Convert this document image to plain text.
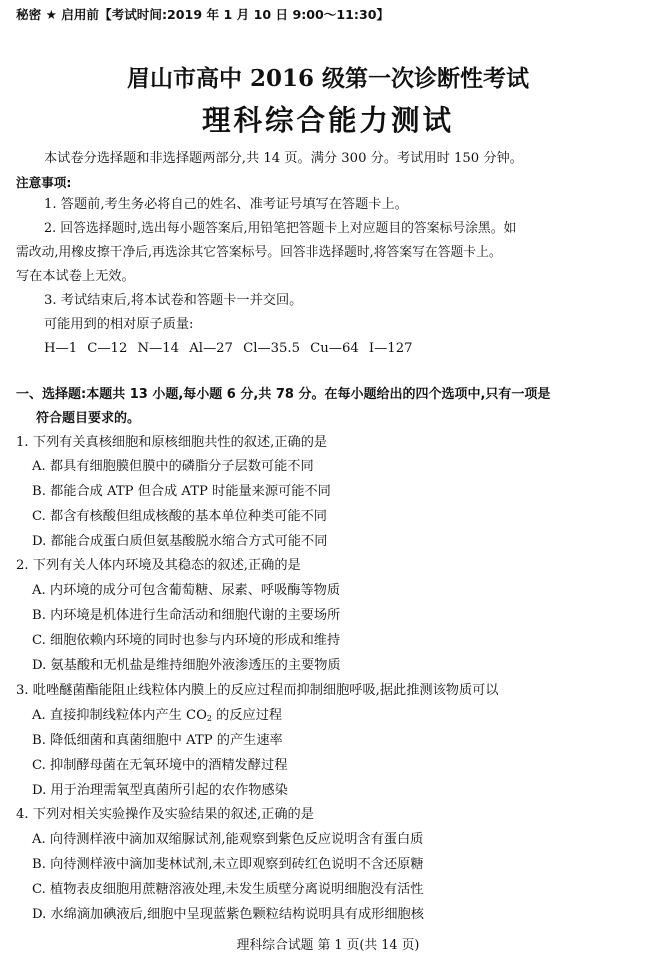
秘密 ★ 启用前【考试时间:2019 年 1 月 10 日 9:00～11:30】
眉山市高中 2016 级第一次诊断性考试
理科综合能力测试
本试卷分选择题和非选择题两部分,共 14 页。满分 300 分。考试用时 150 分钟。
注意事项:
1. 答题前,考生务必将自己的姓名、准考证号填写在答题卡上。
2. 回答选择题时,选出每小题答案后,用铅笔把答题卡上对应题目的答案标号涂黑。如
需改动,用橡皮擦干净后,再选涂其它答案标号。回答非选择题时,将答案写在答题卡上。
写在本试卷上无效。
3. 考试结束后,将本试卷和答题卡一并交回。
可能用到的相对原子质量:
H—1 C—12 N—14 Al—27 Cl—35.5 Cu—64 I—127
一、选择题:本题共 13 小题,每小题 6 分,共 78 分。在每小题给出的四个选项中,只有一项是
符合题目要求的。
1. 下列有关真核细胞和原核细胞共性的叙述,正确的是
A. 都具有细胞膜但膜中的磷脂分子层数可能不同
B. 都能合成 ATP 但合成 ATP 时能量来源可能不同
C. 都含有核酸但组成核酸的基本单位种类可能不同
D. 都能合成蛋白质但氨基酸脱水缩合方式可能不同
2. 下列有关人体内环境及其稳态的叙述,正确的是
A. 内环境的成分可包含葡萄糖、尿素、呼吸酶等物质
B. 内环境是机体进行生命活动和细胞代谢的主要场所
C. 细胞依赖内环境的同时也参与内环境的形成和维持
D. 氨基酸和无机盐是维持细胞外液渗透压的主要物质
3. 吡唑醚菌酯能阻止线粒体内膜上的反应过程而抑制细胞呼吸,据此推测该物质可以
A. 直接抑制线粒体内产生 $CO_2$ 的反应过程
B. 降低细菌和真菌细胞中 ATP 的产生速率
C. 抑制酵母菌在无氧环境中的酒精发酵过程
D. 用于治理需氧型真菌所引起的农作物感染
4. 下列对相关实验操作及实验结果的叙述,正确的是
A. 向待测样液中滴加双缩脲试剂,能观察到紫色反应说明含有蛋白质
B. 向待测样液中滴加斐林试剂,未立即观察到砖红色说明不含还原糖
C. 植物表皮细胞用蔗糖溶液处理,未发生质壁分离说明细胞没有活性
D. 水绵滴加碘液后,细胞中呈现蓝紫色颗粒结构说明具有成形细胞核
理科综合试题 第 1 页(共 14 页)
